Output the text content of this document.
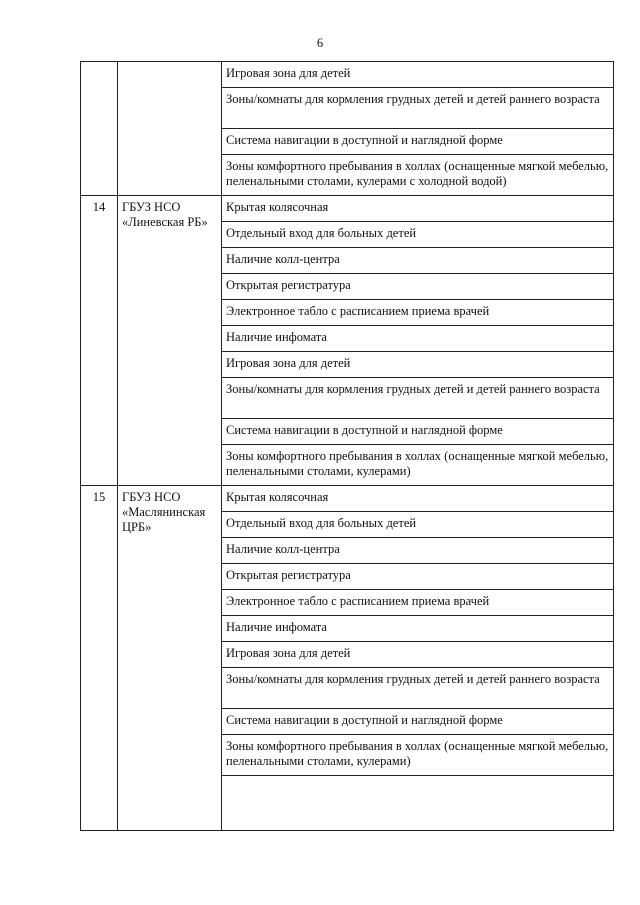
6
		Игровая зона для детей
		Зоны/комнаты для кормления грудных детей и детей раннего возраста
		Система навигации в доступной и наглядной форме
		Зоны комфортного пребывания в холлах (оснащенные мягкой мебелью, пеленальными столами, кулерами с холодной водой)
14	ГБУЗ НСО «Линевская РБ»	Крытая колясочная
		Отдельный вход для больных детей
		Наличие колл-центра
		Открытая регистратура
		Электронное табло с расписанием приема врачей
		Наличие инфомата
		Игровая зона для детей
		Зоны/комнаты для кормления грудных детей и детей раннего возраста
		Система навигации в доступной и наглядной форме
		Зоны комфортного пребывания в холлах (оснащенные мягкой мебелью, пеленальными столами, кулерами)
15	ГБУЗ НСО «Маслянинская ЦРБ»	Крытая колясочная
		Отдельный вход для больных детей
		Наличие колл-центра
		Открытая регистратура
		Электронное табло с расписанием приема врачей
		Наличие инфомата
		Игровая зона для детей
		Зоны/комнаты для кормления грудных детей и детей раннего возраста
		Система навигации в доступной и наглядной форме
		Зоны комфортного пребывания в холлах (оснащенные мягкой мебелью, пеленальными столами, кулерами)
